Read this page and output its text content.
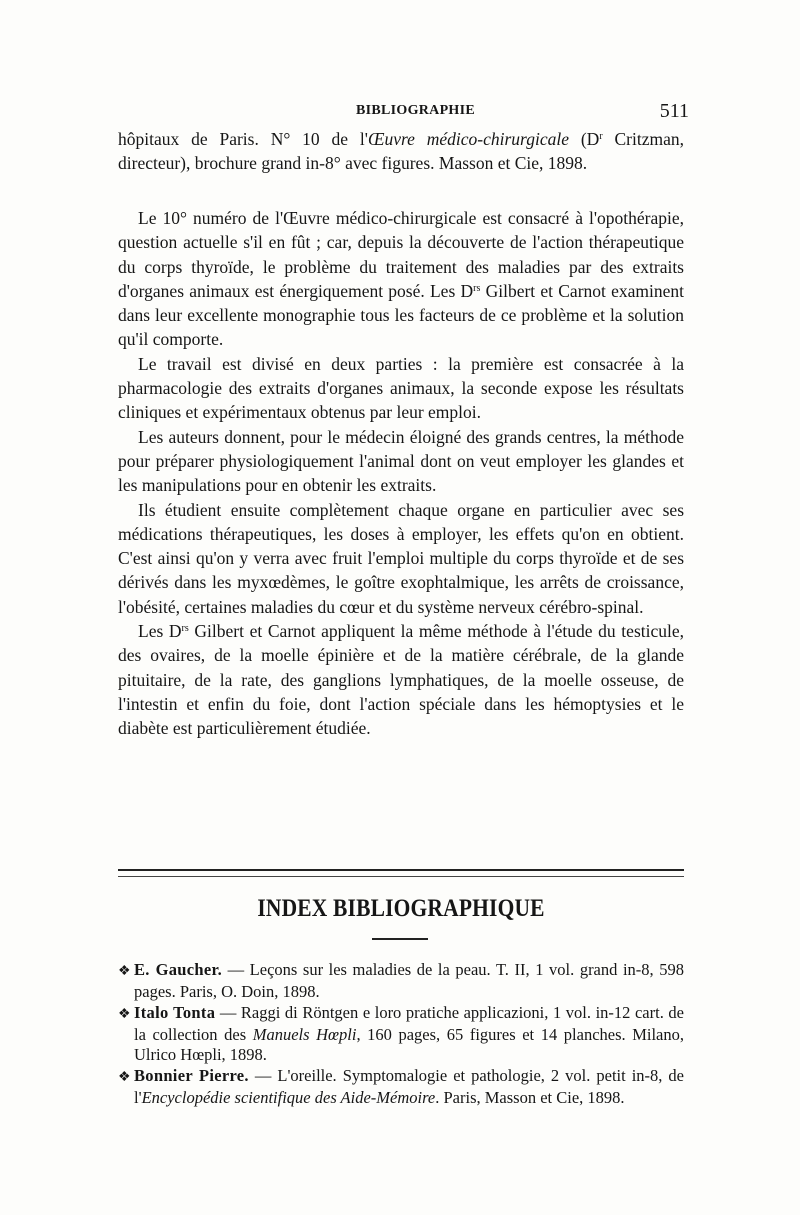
BIBLIOGRAPHIE	511

hôpitaux de Paris. N° 10 de l'Œuvre médico-chirurgicale ($D^r$ Critzman, directeur), brochure grand in-8° avec figures. Masson et Cie, 1898.

Le 10° numéro de l'Œuvre médico-chirurgicale est consacré à l'opothérapie, question actuelle s'il en fût ; car, depuis la découverte de l'action thérapeutique du corps thyroïde, le problème du traitement des maladies par des extraits d'organes animaux est énergiquement posé. Les $D^{rs}$ Gilbert et Carnot examinent dans leur excellente monographie tous les facteurs de ce problème et la solution qu'il comporte.

Le travail est divisé en deux parties : la première est consacrée à la pharmacologie des extraits d'organes animaux, la seconde expose les résultats cliniques et expérimentaux obtenus par leur emploi.

Les auteurs donnent, pour le médecin éloigné des grands centres, la méthode pour préparer physiologiquement l'animal dont on veut employer les glandes et les manipulations pour en obtenir les extraits.

Ils étudient ensuite complètement chaque organe en particulier avec ses médications thérapeutiques, les doses à employer, les effets qu'on en obtient. C'est ainsi qu'on y verra avec fruit l'emploi multiple du corps thyroïde et de ses dérivés dans les myxœdèmes, le goître exophtalmique, les arrêts de croissance, l'obésité, certaines maladies du cœur et du système nerveux cérébro-spinal.

Les $D^{rs}$ Gilbert et Carnot appliquent la même méthode à l'étude du testicule, des ovaires, de la moelle épinière et de la matière cérébrale, de la glande pituitaire, de la rate, des ganglions lymphatiques, de la moelle osseuse, de l'intestin et enfin du foie, dont l'action spéciale dans les hémoptysies et le diabète est particulièrement étudiée.

INDEX BIBLIOGRAPHIQUE

❖ E. Gaucher. — Leçons sur les maladies de la peau. T. II, 1 vol. grand in-8, 598 pages. Paris, O. Doin, 1898.

❖ Italo Tonta — Raggi di Röntgen e loro pratiche applicazioni, 1 vol. in-12 cart. de la collection des Manuels Hœpli, 160 pages, 65 figures et 14 planches. Milano, Ulrico Hœpli, 1898.

❖ Bonnier Pierre. — L'oreille. Symptomalogie et pathologie, 2 vol. petit in-8, de l'Encyclopédie scientifique des Aide-Mémoire. Paris, Masson et Cie, 1898.
